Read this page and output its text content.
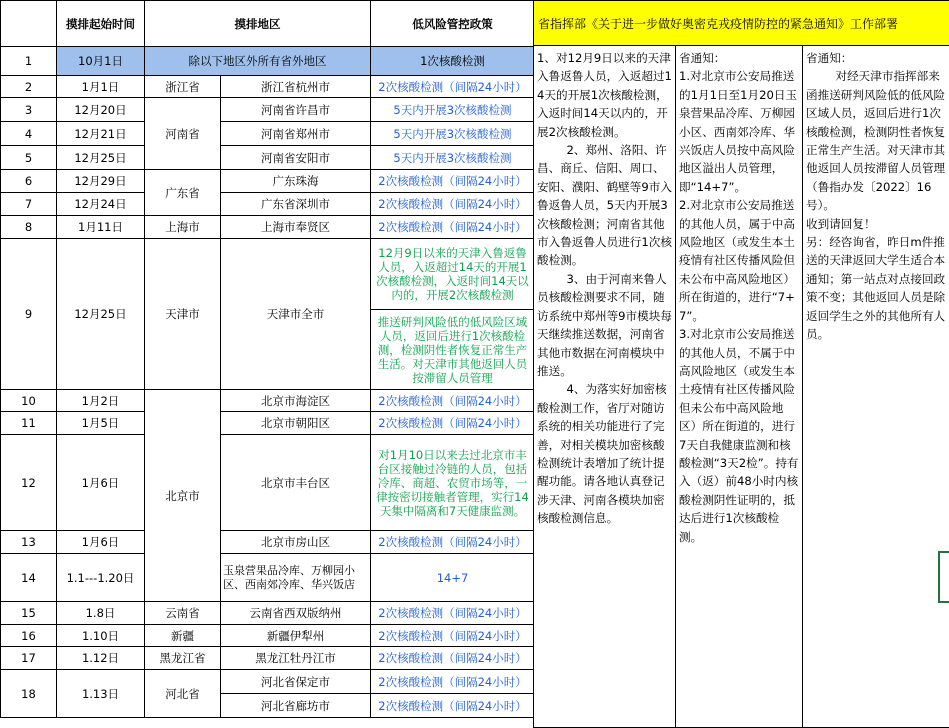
	摸排起始时间	摸排地区		低风险管控政策
1	10月1日	除以下地区外所有省外地区		1次核酸检测
2	1月1日	浙江省	浙江省杭州市	2次核酸检测（间隔24小时）
3	12月20日	河南省	河南省许昌市	5天内开展3次核酸检测
4	12月21日		河南省郑州市	5天内开展3次核酸检测
5	12月25日		河南省安阳市	5天内开展3次核酸检测
6	12月29日	广东省	广东珠海	2次核酸检测（间隔24小时）
7	12月24日		广东省深圳市	2次核酸检测（间隔24小时）
8	1月11日	上海市	上海市奉贤区	2次核酸检测（间隔24小时）
9	12月25日	天津市	天津市全市	12月9日以来的天津入鲁返鲁人员，入返超过14天的开展1次核酸检测，入返时间14天以内的，开展2次核酸检测
				推送研判风险低的低风险区域人员，返回后进行1次核酸检测，检测阴性者恢复正常生产生活。对天津市其他返回人员按滞留人员管理
10	1月2日	北京市	北京市海淀区	2次核酸检测（间隔24小时）
11	1月5日		北京市朝阳区	2次核酸检测（间隔24小时）
12	1月6日		北京市丰台区	对1月10日以来去过北京市丰台区接触过冷链的人员，包括冷库、商超、农贸市场等，一律按密切接触者管理，实行14天集中隔离和7天健康监测。
13	1月6日		北京市房山区	2次核酸检测（间隔24小时）
14	1.1---1.20日		玉泉营果品冷库、万柳园小区、西南郊冷库、华兴饭店	14+7
15	1.8日	云南省	云南省西双版纳州	2次核酸检测（间隔24小时）
16	1.10日	新疆	新疆伊犁州	2次核酸检测（间隔24小时）
17	1.12日	黑龙江省	黑龙江牡丹江市	2次核酸检测（间隔24小时）
18	1.13日	河北省	河北省保定市	2次核酸检测（间隔24小时）
			河北省廊坊市	2次核酸检测（间隔24小时）
省指挥部《关于进一步做好奥密克戎疫情防控的紧急通知》工作部署
1、对12月9日以来的天津入鲁返鲁人员，入返超过14天的开展1次核酸检测，入返时间14天以内的，开展2次核酸检测。
2、郑州、洛阳、许昌、商丘、信阳、周口、安阳、濮阳、鹤壁等9市入鲁返鲁人员，5天内开展3次核酸检测；河南省其他市入鲁返鲁人员进行1次核酸检测。
3、由于河南来鲁人员核酸检测要求不同，随访系统中郑州等9市模块每天继续推送数据，河南省其他市数据在河南模块中推送。
4、为落实好加密核酸检测工作，省厅对随访系统的相关功能进行了完善，对相关模块加密核酸检测统计表增加了统计提醒功能。请各地认真登记涉天津、河南各模块加密核酸检测信息。
省通知：
1.对北京市公安局推送的1月1日至1月20日玉泉营果品冷库、万柳园小区、西南郊冷库、华兴饭店人员按中高风险地区溢出人员管理，即“14+7”。
2.对北京市公安局推送的其他人员，属于中高风险地区（或发生本土疫情有社区传播风险但未公布中高风险地区）所在街道的，进行“7+7”。
3.对北京市公安局推送的其他人员，不属于中高风险地区（或发生本土疫情有社区传播风险但未公布中高风险地区）所在街道的，进行7天自我健康监测和核酸检测“3天2检”。持有入（返）前48小时内核酸检测阴性证明的，抵达后进行1次核酸检测。
省通知：
对经天津市指挥部来函推送研判风险低的低风险区域人员，返回后进行1次核酸检测，检测阴性者恢复正常生产生活。对天津市其他返回人员按滞留人员管理（鲁指办发〔2022〕16号）。
收到请回复！
另：经咨询省，昨日m件推送的天津返回大学生适合本通知；第一站点对点接回政策不变；其他返回人员是除返回学生之外的其他所有人员。
